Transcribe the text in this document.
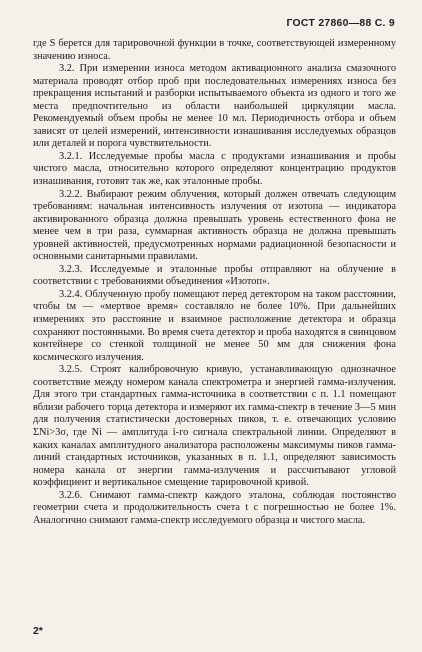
ГОСТ 27860—88 С. 9

где S берется для тарировочной функции в точке, соответствующей измеренному значению износа.

3.2. При измерении износа методом активационного анализа смазочного материала проводят отбор проб при последовательных измерениях износа без прекращения испытаний и разборки испытываемого объекта из одного и того же места предпочтительно из области наибольшей циркуляции масла. Рекомендуемый объем пробы не менее 10 мл. Периодичность отбора и объем зависят от целей измерений, интенсивности изнашивания исследуемых образцов или деталей и порога чувствительности.

3.2.1. Исследуемые пробы масла с продуктами изнашивания и пробы чистого масла, относительно которого определяют концентрацию продуктов изнашивания, готовят так же, как эталонные пробы.

3.2.2. Выбирают режим облучения, который должен отвечать следующим требованиям: начальная интенсивность излучения от изотопа — индикатора активированного образца должна превышать уровень естественного фона не менее чем в три раза, суммарная активность образца не должна превышать уровней активностей, предусмотренных нормами радиационной безопасности и основными санитарными правилами.

3.2.3. Исследуемые и эталонные пробы отправляют на облучение в соответствии с требованиями объединения «Изотоп».

3.2.4. Облученную пробу помещают перед детектором на таком расстоянии, чтобы tм — «мертвое время» составляло не более 10%. При дальнейших измерениях это расстояние и взаимное расположение детектора и образца сохраняют постоянными. Во время счета детектор и проба находятся в свинцовом контейнере со стенкой толщиной не менее 50 мм для снижения фона космического излучения.

3.2.5. Строят калибровочную кривую, устанавливающую однозначное соответствие между номером канала спектрометра и энергией гамма-излучения. Для этого три стандартных гамма-источника в соответствии с п. 1.1 помещают вблизи рабочего торца детектора и измеряют их гамма-спектр в течение 3—5 мин для получения статистически достоверных пиков, т. е. отвечающих условию ΣNi>3σ, где Ni — амплитуда i-го сигнала спектральной линии. Определяют в каких каналах амплитудного анализатора расположены максимумы пиков гамма-линий стандартных источников, указанных в п. 1.1, определяют зависимость номера канала от энергии гамма-излучения и рассчитывают угловой коэффициент и вертикальное смещение тарировочной кривой.

3.2.6. Снимают гамма-спектр каждого эталона, соблюдая постоянство геометрии счета и продолжительность счета t с погрешностью не более 1%. Аналогично снимают гамма-спектр исследуемого образца и чистого масла.

2*
